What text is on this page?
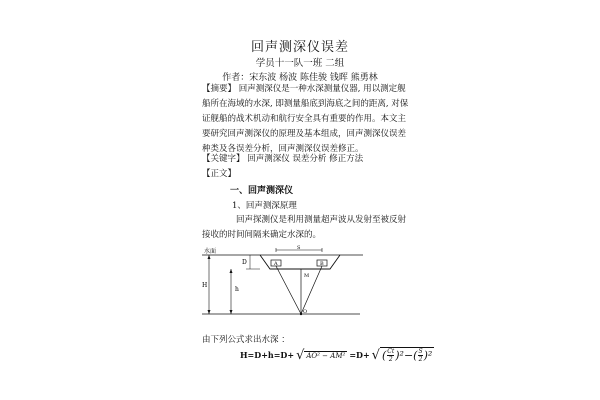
回声测深仪误差
学员十一队一班 二组
作者：宋东波 杨波 陈佳骏 钱晖 熊勇林
【摘要】 回声测深仪是一种水深测量仪器, 用以测定舰船所在海域的水深, 即测量船底到海底之间的距离, 对保证舰船的战术机动和航行安全具有重要的作用。本文主要研究回声测深仪的原理及基本组成，回声测深仪误差种类及各误差分析，回声测深仪误差修正。
【关键字】 回声测深仪 误差分析 修正方法
【正文】
一、回声测深仪
1、回声测深原理
回声探测仪是利用测量超声波从发射至被反射接收的时间间隔来确定水深的。
水面	S
A	B
D
M
H
h
O
由下列公式求出水深 ：
H=D+h=D+ √ AO² − AM² =D+ √ ( $\frac{Ct}{2} )^2-( \frac{S}{2} )^2$
